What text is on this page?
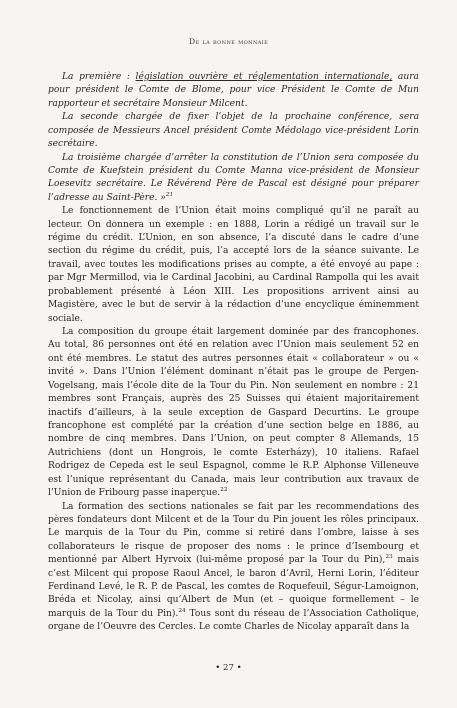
De la bonne monnaie

La première : législation ouvrière et réglementation internationale, aura pour président le Comte de Blome, pour vice Président le Comte de Mun rapporteur et secrétaire Monsieur Milcent.

La seconde chargée de fixer l’objet de la prochaine conférence, sera composée de Messieurs Ancel président Comte Médolago vice-président Lorin secrétaire.

La troisième chargée d’arrêter la constitution de l’Union sera composée du Comte de Kuefstein président du Comte Manna vice-président de Monsieur Loesevitz secrétaire. Le Révérend Père de Pascal est désigné pour préparer l’adresse au Saint-Père. »$^{21}$

Le fonctionnement de l’Union était moins compliqué qu’il ne paraît au lecteur. On donnera un exemple : en 1888, Lorin a rédigé un travail sur le régime du crédit. L’Union, en son absence, l’a discuté dans le cadre d’une section du régime du crédit, puis, l’a accepté lors de la séance suivante. Le travail, avec toutes les modifications prises au compte, a été envoyé au pape : par Mgr Mermillod, via le Cardinal Jacobini, au Cardinal Rampolla qui les avait probablement présenté à Léon XIII. Les propositions arrivent ainsi au Magistère, avec le but de servir à la rédaction d’une encyclique éminemment sociale.

La composition du groupe était largement dominée par des francophones. Au total, 86 personnes ont été en relation avec l’Union mais seulement 52 en ont été membres. Le statut des autres personnes était « collaborateur » ou « invité ». Dans l’Union l’élément dominant n’était pas le groupe de Pergen-Vogelsang, mais l’école dite de la Tour du Pin. Non seulement en nombre : 21 membres sont Français, auprès des 25 Suisses qui étaient majoritairement inactifs d’ailleurs, à la seule exception de Gaspard Decurtins. Le groupe francophone est complété par la création d’une section belge en 1886, au nombre de cinq membres. Dans l’Union, on peut compter 8 Allemands, 15 Autrichiens (dont un Hongrois, le comte Esterházy), 10 italiens. Rafael Rodrigez de Cepeda est le seul Espagnol, comme le R.P. Alphonse Villeneuve est l’unique représentant du Canada, mais leur contribution aux travaux de l’Union de Fribourg passe inaperçue.$^{22}$

La formation des sections nationales se fait par les recommendations des pères fondateurs dont Milcent et de la Tour du Pin jouent les rôles principaux. Le marquis de la Tour du Pin, comme si retiré dans l’ombre, laisse à ses collaborateurs le risque de proposer des noms : le prince d’Isembourg et mentionné par Albert Hyrvoix (lui-même proposé par la Tour du Pin),$^{23}$ mais c’est Milcent qui propose Raoul Ancel, le baron d’Avril, Herni Lorin, l’éditeur Ferdinand Levé, le R. P. de Pascal, les comtes de Roquefeuil, Ségur-Lamoignon, Bréda et Nicolay, ainsi qu’Albert de Mun (et – quoique formellement – le marquis de la Tour du Pin).$^{24}$ Tous sont du réseau de l’Association Catholique, organe de l’Oeuvre des Cercles. Le comte Charles de Nicolay apparaît dans la

• 27 •
